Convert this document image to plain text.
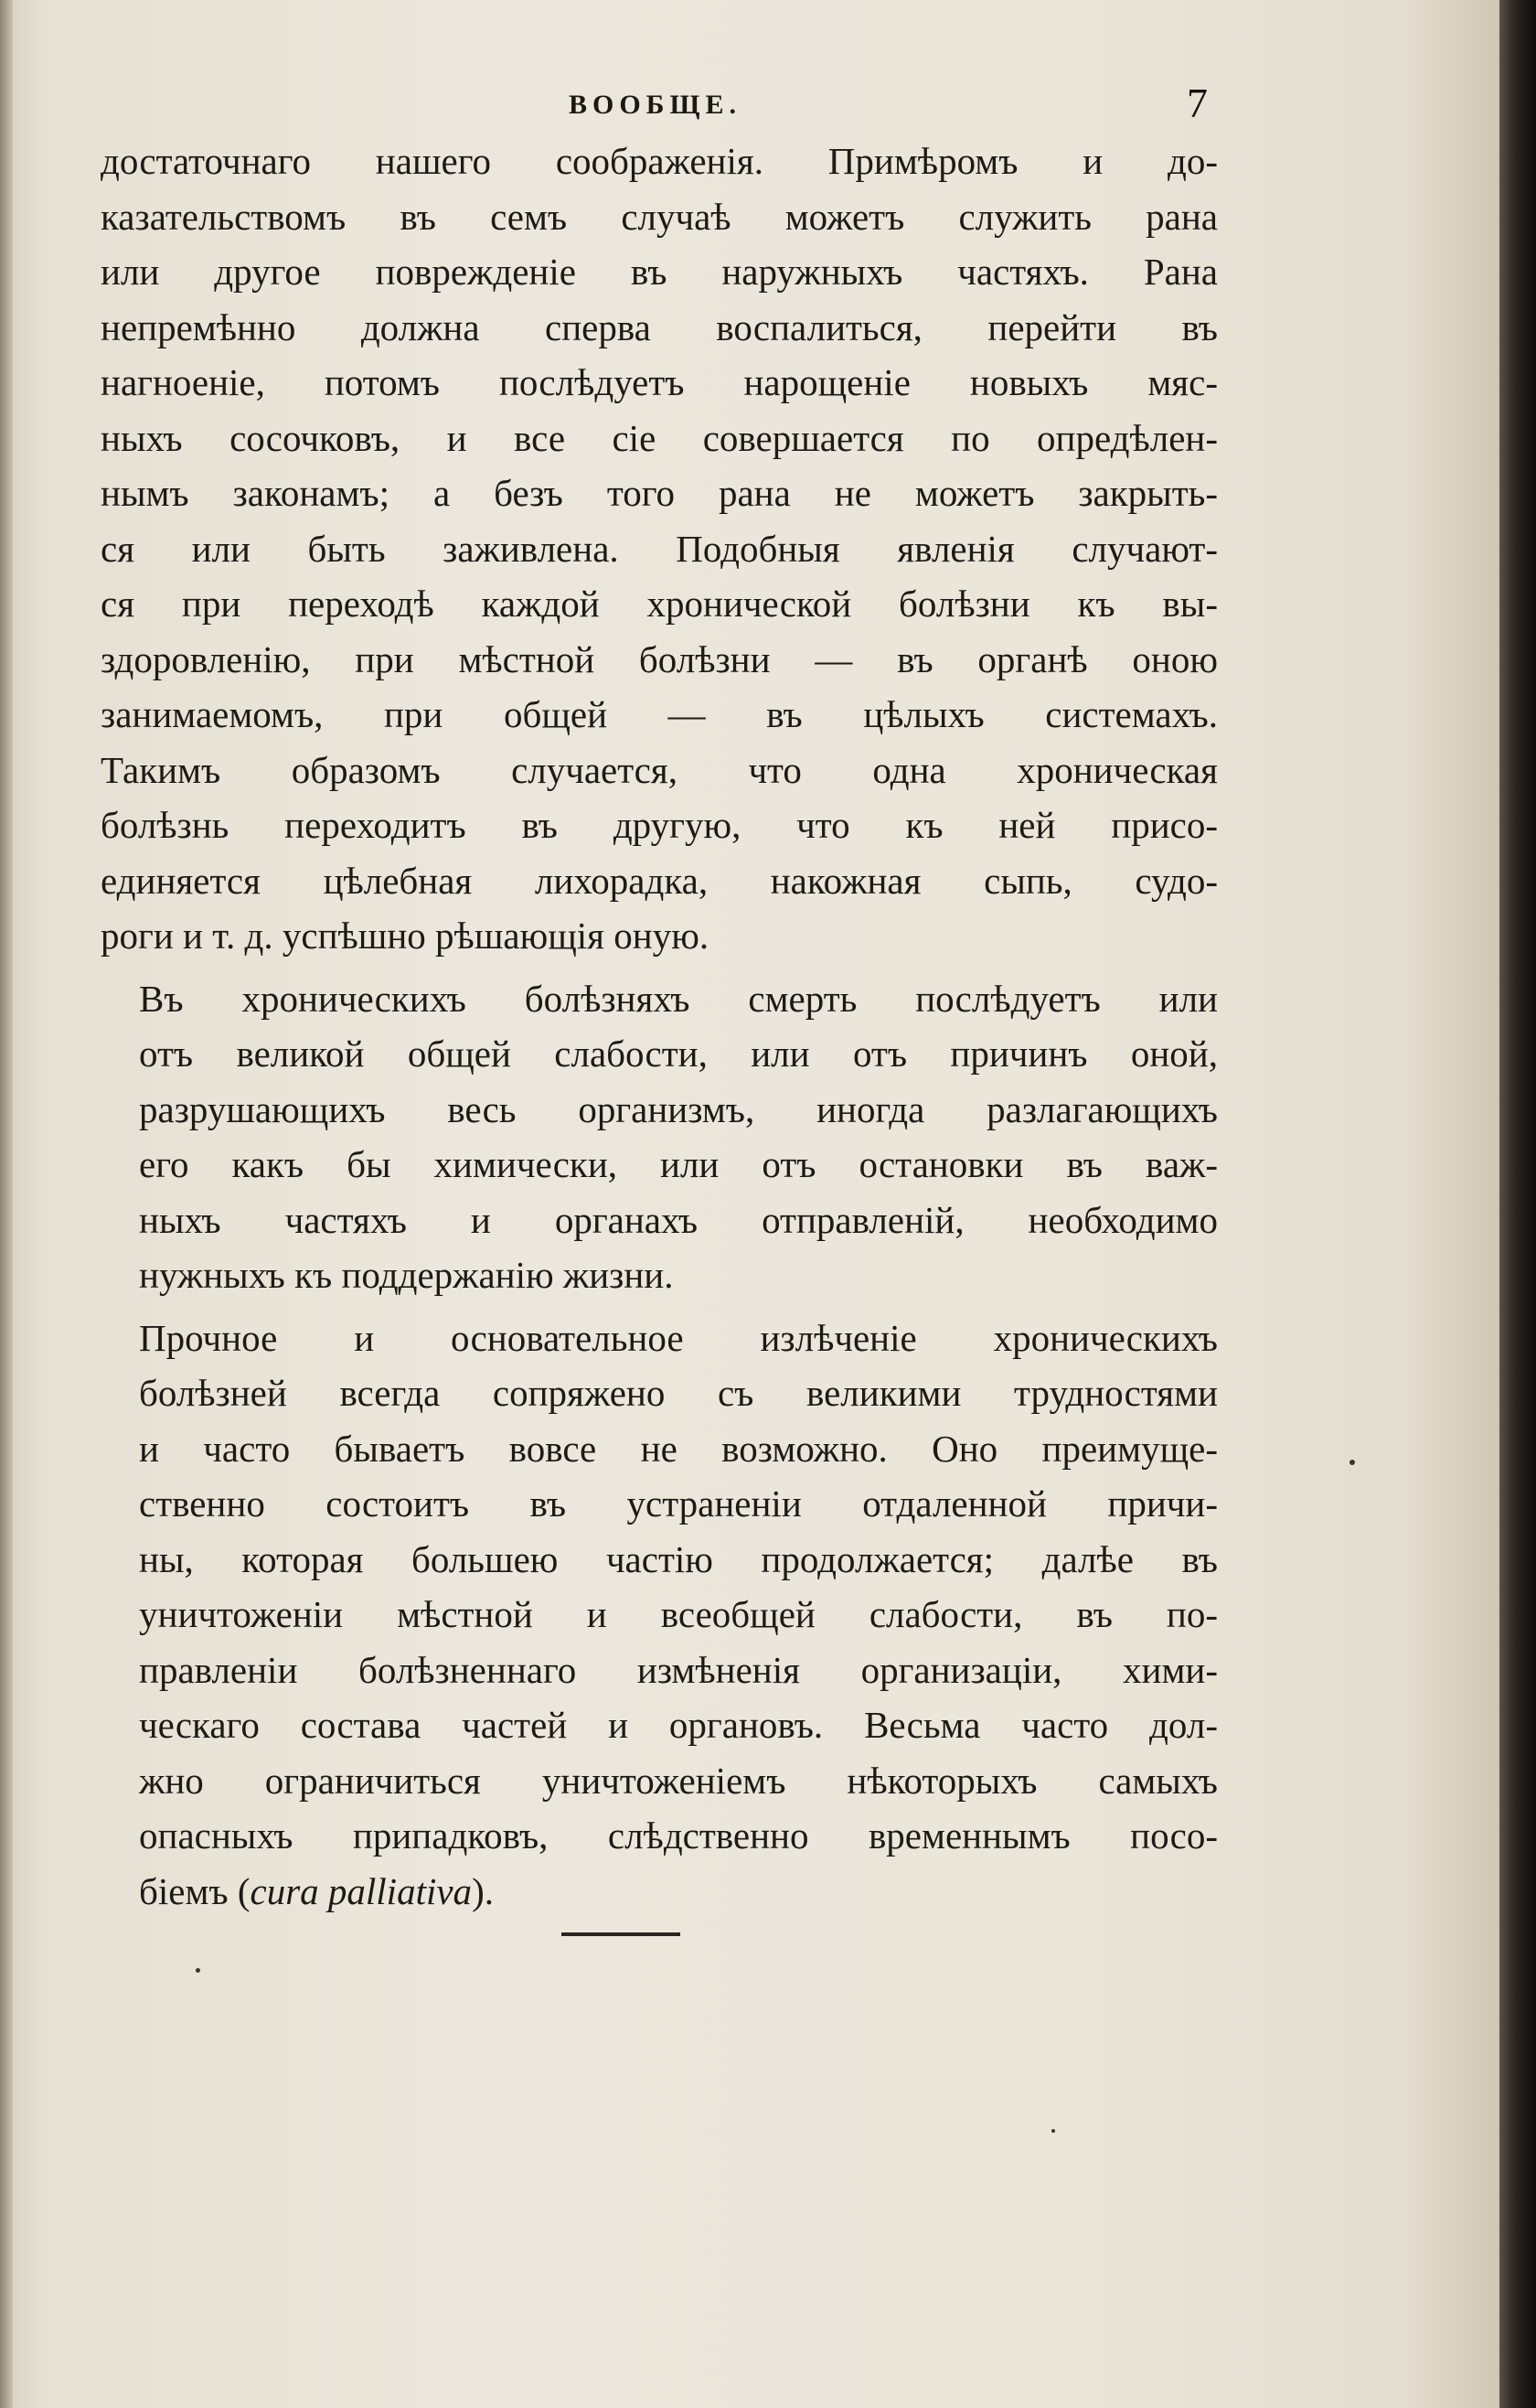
ВООБЩЕ.	7

достаточнаго нашего соображенія. Примѣромъ и до-
казательствомъ въ семъ случаѣ можетъ служить рана
или другое поврежденіе въ наружныхъ частяхъ. Рана
непремѣнно должна сперва воспалиться, перейти въ
нагноеніе, потомъ послѣдуетъ нарощеніе новыхъ мяс-
ныхъ сосочковъ, и все сіе совершается по опредѣлен-
нымъ законамъ; а безъ того рана не можетъ закрыть-
ся или быть заживлена. Подобныя явленія случают-
ся при переходѣ каждой хронической болѣзни къ вы-
здоровленію, при мѣстной болѣзни — въ органѣ оною
занимаемомъ, при общей — въ цѣлыхъ системахъ.
Такимъ образомъ случается, что одна хроническая
болѣзнь переходитъ въ другую, что къ ней присо-
единяется цѣлебная лихорадка, накожная сыпь, судо-
роги и т. д. успѣшно рѣшающія оную.

Въ хроническихъ болѣзняхъ смерть послѣдуетъ или
отъ великой общей слабости, или отъ причинъ оной,
разрушающихъ весь организмъ, иногда разлагающихъ
его какъ бы химически, или отъ остановки въ важ-
ныхъ частяхъ и органахъ отправленій, необходимо
нужныхъ къ поддержанію жизни.

Прочное и основательное излѣченіе хроническихъ
болѣзней всегда сопряжено съ великими трудностями
и часто бываетъ вовсе не возможно. Оно преимуще-
ственно состоитъ въ устраненіи отдаленной причи-
ны, которая большею частію продолжается; далѣе въ
уничтоженіи мѣстной и всеобщей слабости, въ по-
правленіи болѣзненнаго измѣненія организаціи, хими-
ческаго состава частей и органовъ. Весьма часто дол-
жно ограничиться уничтоженіемъ нѣкоторыхъ самыхъ
опасныхъ припадковъ, слѣдственно временнымъ посо-
біемъ (cura palliativa).
